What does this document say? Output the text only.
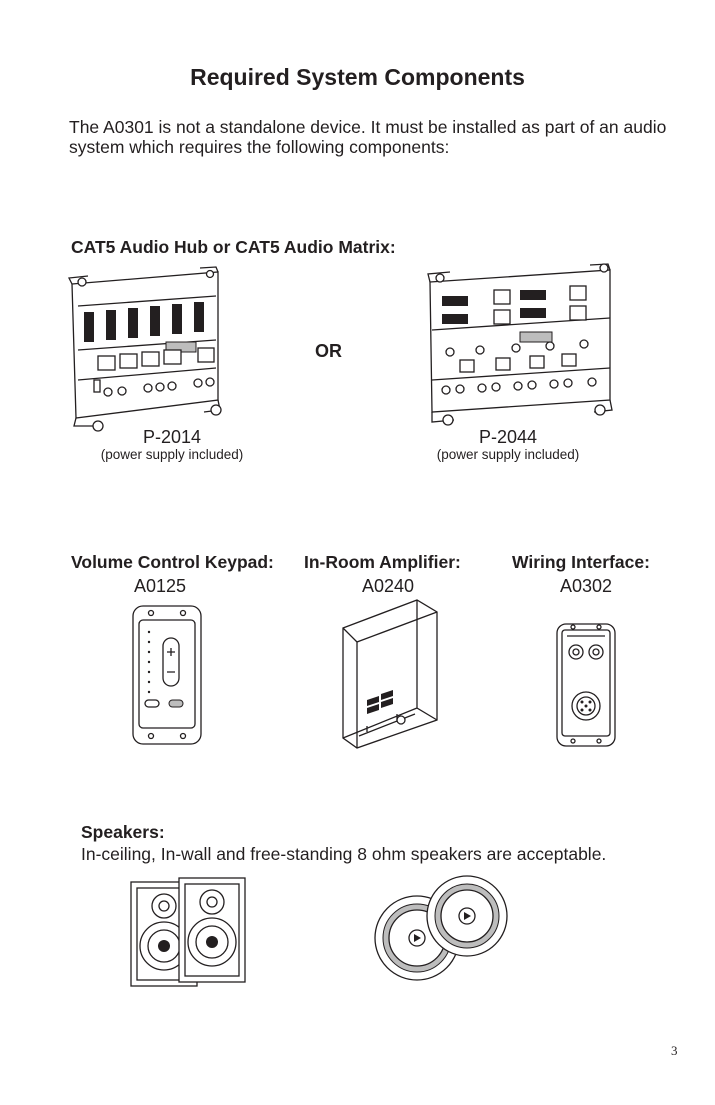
Required System Components
The A0301 is not a standalone device. It must be installed as part of an audio system which requires the following components:
CAT5 Audio Hub or CAT5 Audio Matrix:
OR
P-2014
(power supply included)
P-2044
(power supply included)
Volume Control Keypad:
A0125
In-Room Amplifier:
A0240
Wiring Interface:
A0302
Speakers:
In-ceiling, In-wall and free-standing 8 ohm speakers are acceptable.
3
